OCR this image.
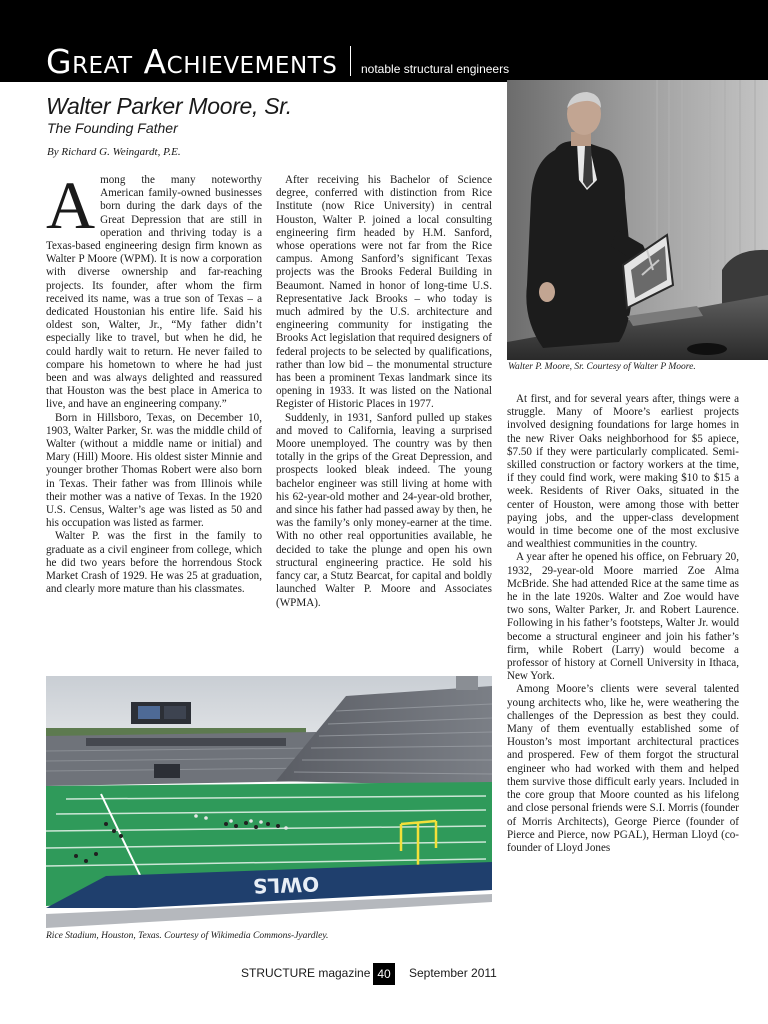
Great Achievements notable structural engineers
Walter Parker Moore, Sr.
The Founding Father
By Richard G. Weingardt, P.E.

Among the many noteworthy American family-owned businesses born during the dark days of the Great Depression that are still in operation and thriving today is a Texas-based engineering design firm known as Walter P Moore (WPM). It is now a corporation with diverse ownership and far-reaching projects. Its founder, after whom the firm received its name, was a true son of Texas – a dedicated Houstonian his entire life. Said his oldest son, Walter, Jr., “My father didn’t especially like to travel, but when he did, he could hardly wait to return. He never failed to compare his hometown to where he had just been and was always delighted and reassured that Houston was the best place in America to live, and have an engineering company.”

Born in Hillsboro, Texas, on December 10, 1903, Walter Parker, Sr. was the middle child of Walter (without a middle name or initial) and Mary (Hill) Moore. His oldest sister Minnie and younger brother Thomas Robert were also born in Texas. Their father was from Illinois while their mother was a native of Texas. In the 1920 U.S. Census, Walter’s age was listed as 50 and his occupation was listed as farmer.

Walter P. was the first in the family to graduate as a civil engineer from college, which he did two years before the horrendous Stock Market Crash of 1929. He was 25 at graduation, and clearly more mature than his classmates.

After receiving his Bachelor of Science degree, conferred with distinction from Rice Institute (now Rice University) in central Houston, Walter P. joined a local consulting engineering firm headed by H.M. Sanford, whose operations were not far from the Rice campus. Among Sanford’s significant Texas projects was the Brooks Federal Building in Beaumont. Named in honor of long-time U.S. Representative Jack Brooks – who today is much admired by the U.S. architecture and engineering community for instigating the Brooks Act legislation that required designers of federal projects to be selected by qualifications, rather than low bid – the monumental structure has been a prominent Texas landmark since its opening in 1933. It was listed on the National Register of Historic Places in 1977.

Suddenly, in 1931, Sanford pulled up stakes and moved to California, leaving a surprised Moore unemployed. The country was by then totally in the grips of the Great Depression, and prospects looked bleak indeed. The young bachelor engineer was still living at home with his 62-year-old mother and 24-year-old brother, and since his father had passed away by then, he was the family’s only money-earner at the time. With no other real opportunities available, he decided to take the plunge and open his own structural engineering practice. He sold his fancy car, a Stutz Bearcat, for capital and boldly launched Walter P. Moore and Associates (WPMA).

Walter P. Moore, Sr. Courtesy of Walter P Moore.

At first, and for several years after, things were a struggle. Many of Moore’s earliest projects involved designing foundations for large homes in the new River Oaks neighborhood for $5 apiece, $7.50 if they were particularly complicated. Semi-skilled construction or factory workers at the time, if they could find work, were making $10 to $15 a week. Residents of River Oaks, situated in the center of Houston, were among those with better paying jobs, and the upper-class development would in time become one of the most exclusive and wealthiest communities in the country.

A year after he opened his office, on February 20, 1932, 29-year-old Moore married Zoe Alma McBride. She had attended Rice at the same time as he in the late 1920s. Walter and Zoe would have two sons, Walter Parker, Jr. and Robert Laurence. Following in his father’s footsteps, Walter Jr. would become a structural engineer and join his father’s firm, while Robert (Larry) would become a professor of history at Cornell University in Ithaca, New York.

Among Moore’s clients were several talented young architects who, like he, were weathering the challenges of the Depression as best they could. Many of them eventually established some of Houston’s most important architectural practices and prospered. Few of them forgot the structural engineer who had worked with them and helped them survive those difficult early years. Included in the core group that Moore counted as his lifelong and close personal friends were S.I. Morris (founder of Morris Architects), George Pierce (founder of Pierce and Pierce, now PGAL), Herman Lloyd (co-founder of Lloyd Jones

OWLS
Rice Stadium, Houston, Texas. Courtesy of Wikimedia Commons-Jyardley.
STRUCTURE magazine 40	September 2011
